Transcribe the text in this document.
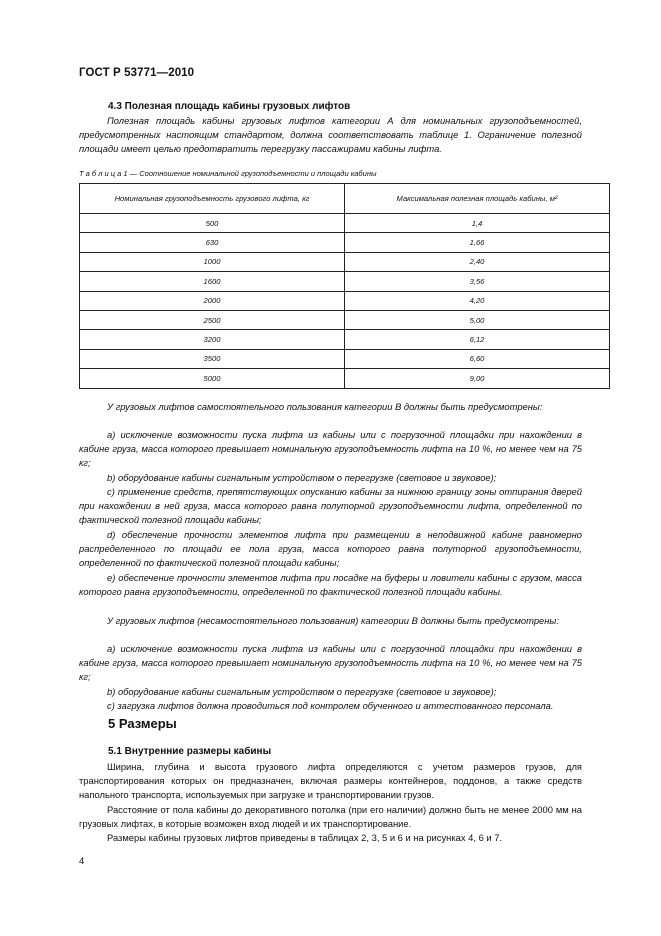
ГОСТ Р 53771—2010
4.3 Полезная площадь кабины грузовых лифтов

Полезная площадь кабины грузовых лифтов категории А для номинальных грузоподъемностей, предусмотренных настоящим стандартом, должна соответствовать таблице 1. Ограничение полезной площади имеет целью предотвратить перегрузку пассажирами кабины лифта.

Т а б л и ц а 1 — Соотношение номинальной грузоподъемности и площади кабины
Номинальная грузоподъемность грузового лифта, кг	Максимальная полезная площадь кабины, м²
500	1,4
630	1,66
1000	2,40
1600	3,56
2000	4,20
2500	5,00
3200	6,12
3500	6,60
5000	9,00

У грузовых лифтов самостоятельного пользования категории В должны быть предусмотрены:

a) исключение возможности пуска лифта из кабины или с погрузочной площадки при нахождении в кабине груза, масса которого превышает номинальную грузоподъемность лифта на 10 %, но менее чем на 75 кг;

b) оборудование кабины сигнальным устройством о перегрузке (световое и звуковое);

c) применение средств, препятствующих опусканию кабины за нижнюю границу зоны отпирания дверей при нахождении в ней груза, масса которого равна полуторной грузоподъемности лифта, определенной по фактической полезной площади кабины;

d) обеспечение прочности элементов лифта при размещении в неподвижной кабине равномерно распределенного по площади ее пола груза, масса которого равна полуторной грузоподъемности, определенной по фактической полезной площади кабины;

e) обеспечение прочности элементов лифта при посадке на буферы и ловители кабины с грузом, масса которого равна грузоподъемности, определенной по фактической полезной площади кабины.

У грузовых лифтов (несамостоятельного пользования) категории В должны быть предусмотрены:

a) исключение возможности пуска лифта из кабины или с погрузочной площадки при нахождении в кабине груза, масса которого превышает номинальную грузоподъемность лифта на 10 %, но менее чем на 75 кг;

b) оборудование кабины сигнальным устройством о перегрузке (световое и звуковое);

c) загрузка лифтов должна проводиться под контролем обученного и аттестованного персонала.

5 Размеры
5.1 Внутренние размеры кабины

Ширина, глубина и высота грузового лифта определяются с учетом размеров грузов, для транспортирования которых он предназначен, включая размеры контейнеров, поддонов, а также средств напольного транспорта, используемых при загрузке и транспортировании грузов.

Расстояние от пола кабины до декоративного потолка (при его наличии) должно быть не менее 2000 мм на грузовых лифтах, в которые возможен вход людей и их транспортирование.

Размеры кабины грузовых лифтов приведены в таблицах 2, 3, 5 и 6 и на рисунках 4, 6 и 7.

4
